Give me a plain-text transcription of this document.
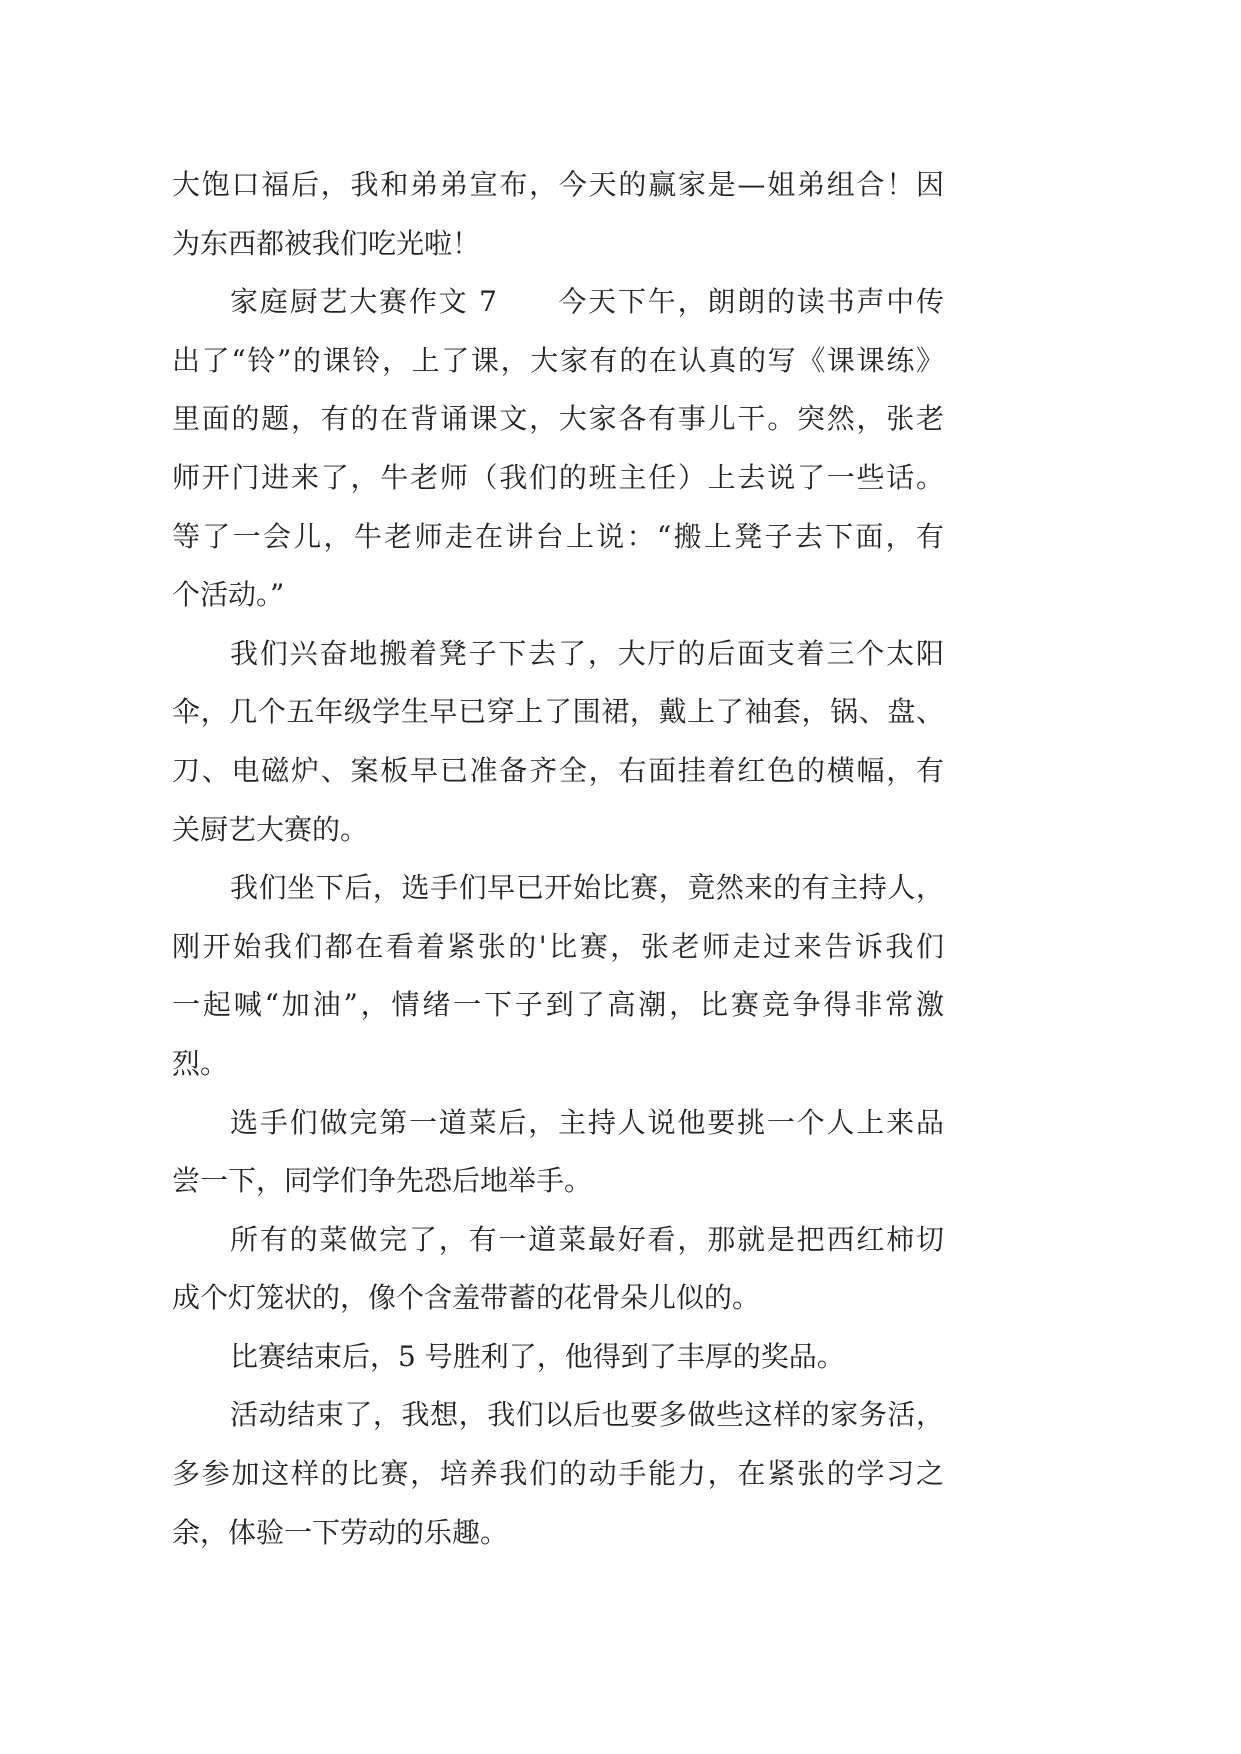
大饱口福后，我和弟弟宣布，今天的赢家是—姐弟组合！因
为东西都被我们吃光啦！
家庭厨艺大赛作文 7　　今天下午，朗朗的读书声中传
出了“铃”的课铃，上了课，大家有的在认真的写《课课练》
里面的题，有的在背诵课文，大家各有事儿干。突然，张老
师开门进来了，牛老师（我们的班主任）上去说了一些话。
等了一会儿，牛老师走在讲台上说：“搬上凳子去下面，有
个活动。”
我们兴奋地搬着凳子下去了，大厅的后面支着三个太阳
伞，几个五年级学生早已穿上了围裙，戴上了袖套，锅、盘、
刀、电磁炉、案板早已准备齐全，右面挂着红色的横幅，有
关厨艺大赛的。
我们坐下后，选手们早已开始比赛，竟然来的有主持人，
刚开始我们都在看着紧张的'比赛，张老师走过来告诉我们
一起喊“加油”，情绪一下子到了高潮，比赛竞争得非常激
烈。
选手们做完第一道菜后，主持人说他要挑一个人上来品
尝一下，同学们争先恐后地举手。
所有的菜做完了，有一道菜最好看，那就是把西红柿切
成个灯笼状的，像个含羞带蓄的花骨朵儿似的。
比赛结束后，5 号胜利了，他得到了丰厚的奖品。
活动结束了，我想，我们以后也要多做些这样的家务活，
多参加这样的比赛，培养我们的动手能力，在紧张的学习之
余，体验一下劳动的乐趣。
